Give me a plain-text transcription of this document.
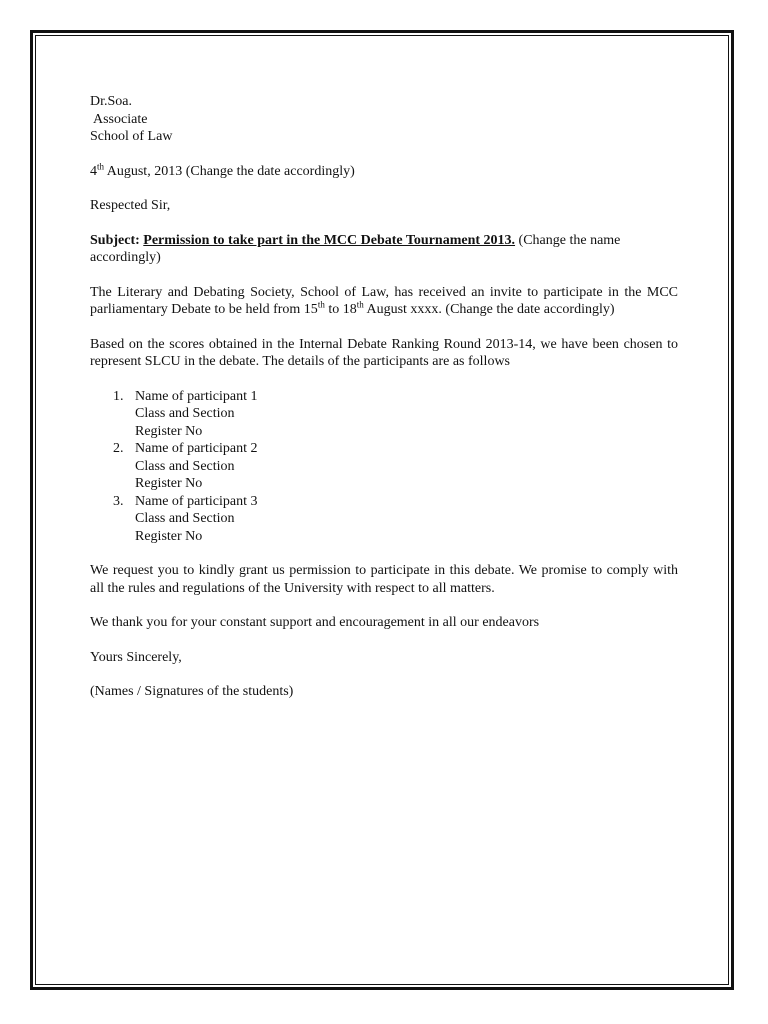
Dr.Soa.
Associate
School of Law
4th August, 2013 (Change the date accordingly)
Respected Sir,
Subject: Permission to take part in the MCC Debate Tournament 2013. (Change the name accordingly)
The Literary and Debating Society, School of Law, has received an invite to participate in the MCC parliamentary Debate to be held from 15th to 18th August xxxx. (Change the date accordingly)
Based on the scores obtained in the Internal Debate Ranking Round 2013-14, we have been chosen to represent SLCU in the debate. The details of the participants are as follows
1. Name of participant 1
Class and Section
Register No
2. Name of participant 2
Class and Section
Register No
3. Name of participant 3
Class and Section
Register No
We request you to kindly grant us permission to participate in this debate. We promise to comply with all the rules and regulations of the University with respect to all matters.
We thank you for your constant support and encouragement in all our endeavors
Yours Sincerely,
(Names / Signatures of the students)
